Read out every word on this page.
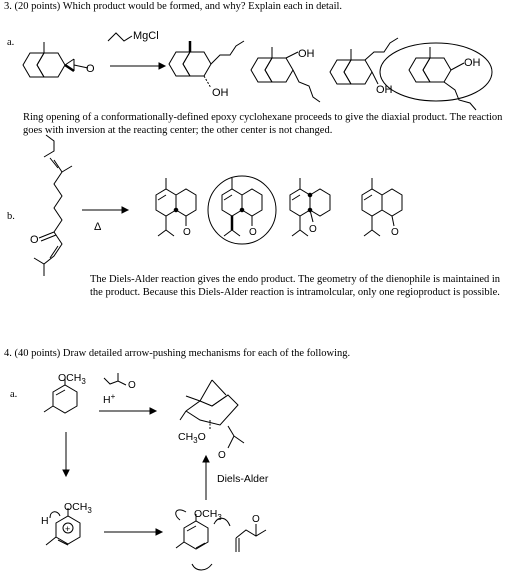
3. (20 points) Which product would be formed, and why? Explain each in detail.
a.
Ring opening of a conformationally-defined epoxy cyclohexane proceeds to give the diaxial product. The reaction goes with inversion at the reacting center; the other center is not changed.
b.
The Diels-Alder reaction gives the endo product. The geometry of the dienophile is maintained in the product. Because this Diels-Alder reaction is intramolcular, only one regioproduct is possible.
4. (40 points) Draw detailed arrow-pushing mechanisms for each of the following.
a.
O
MgCl
OH
OH
OH
OH
O
Δ	O	O	O	O
$OCH_3$	O
H+
$CH_3O$
O
Diels-Alder
$OCH_3$
H
+
$OCH_3$	O
